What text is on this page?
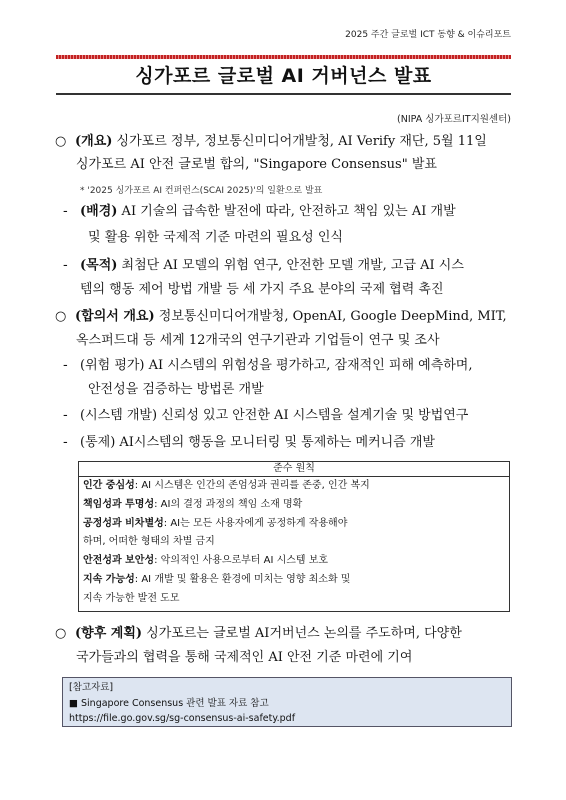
2025 주간 글로벌 ICT 동향 & 이슈리포트
싱가포르 글로벌 AI 거버넌스 발표
(NIPA 싱가포르IT지원센터)
○ (개요) 싱가포르 정부, 정보통신미디어개발청, AI Verify 재단, 5월 11일
싱가포르 AI 안전 글로벌 합의, "Singapore Consensus" 발표
* '2025 싱가포르 AI 컨퍼런스(SCAI 2025)'의 일환으로 발표
- (배경) AI 기술의 급속한 발전에 따라, 안전하고 책임 있는 AI 개발
및 활용 위한 국제적 기준 마련의 필요성 인식
- (목적) 최첨단 AI 모델의 위험 연구, 안전한 모델 개발, 고급 AI 시스
템의 행동 제어 방법 개발 등 세 가지 주요 분야의 국제 협력 촉진
○ (합의서 개요) 정보통신미디어개발청, OpenAI, Google DeepMind, MIT,
옥스퍼드대 등 세계 12개국의 연구기관과 기업들이 연구 및 조사
- (위험 평가) AI 시스템의 위험성을 평가하고, 잠재적인 피해 예측하며,
안전성을 검증하는 방법론 개발
- (시스템 개발) 신뢰성 있고 안전한 AI 시스템을 설계기술 및 방법연구
- (통제) AI시스템의 행동을 모니터링 및 통제하는 메커니즘 개발
준수 원칙
인간 중심성: AI 시스템은 인간의 존엄성과 권리를 존중, 인간 복지
책임성과 투명성: AI의 결정 과정의 책임 소재 명확
공정성과 비차별성: AI는 모든 사용자에게 공정하게 작용해야
하며, 어떠한 형태의 차별 금지
안전성과 보안성: 악의적인 사용으로부터 AI 시스템 보호
지속 가능성: AI 개발 및 활용은 환경에 미치는 영향 최소화 및
지속 가능한 발전 도모
○ (향후 계획) 싱가포르는 글로벌 AI거버넌스 논의를 주도하며, 다양한
국가들과의 협력을 통해 국제적인 AI 안전 기준 마련에 기여
[참고자료]
■ Singapore Consensus 관련 발표 자료 참고
https://file.go.gov.sg/sg-consensus-ai-safety.pdf
